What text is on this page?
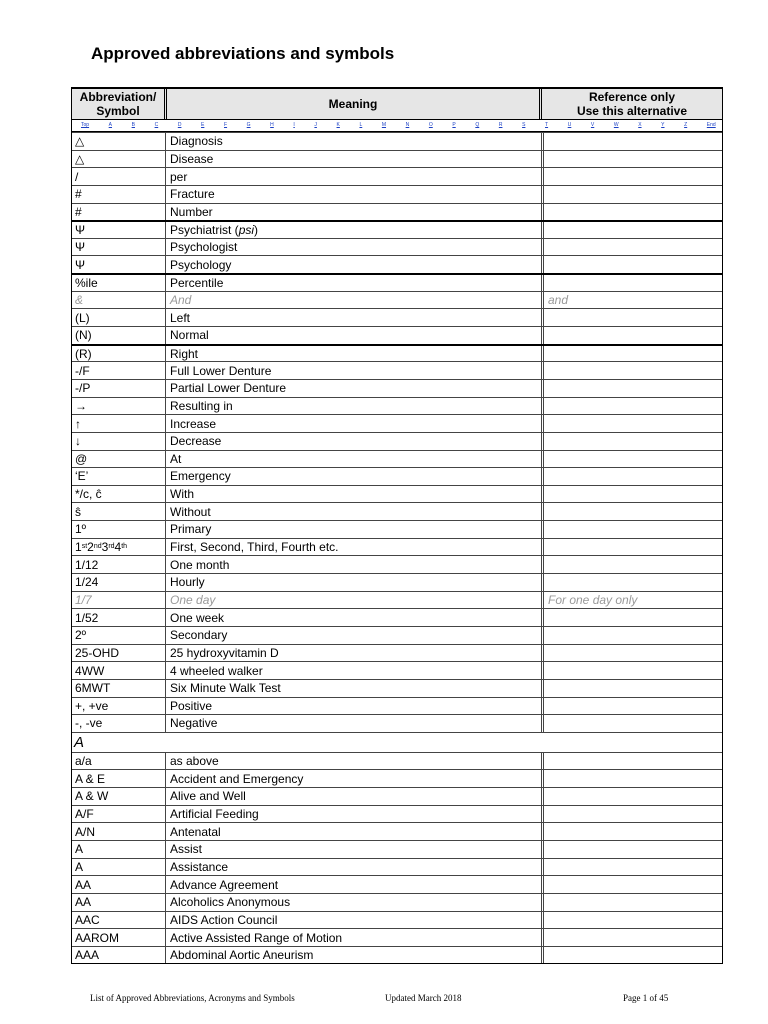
Approved abbreviations and symbols
Abbreviation/
Symbol	Meaning	Reference only
Use this alternative
Top	A	B	C	D	E	F	G	H	I	J	K	L	M	N	O	P	Q	R	S	T	U	V	W	X	Y	Z	End
△	Diagnosis
△	Disease
/	per
#	Fracture
#	Number
Ψ	Psychiatrist ( psi )
Ψ	Psychologist
Ψ	Psychology
%ile	Percentile
&	And	and
(L)	Left
(N)	Normal
(R)	Right
-/F	Full Lower Denture
-/P	Partial Lower Denture
→	Resulting in
↑	Increase
↓	Decrease
@	At
‘E’	Emergency
*/c, ĉ	With
ŝ	Without
1º	Primary
1 st 2 nd 3 rd 4 th	First, Second, Third, Fourth etc.
1/12	One month
1/24	Hourly
1/7	One day	For one day only
1/52	One week
2º	Secondary
25-OHD	25 hydroxyvitamin D
4WW	4 wheeled walker
6MWT	Six Minute Walk Test
+, +ve	Positive
-, -ve	Negative
A
a/a	as above
A & E	Accident and Emergency
A & W	Alive and Well
A/F	Artificial Feeding
A/N	Antenatal
A	Assist
A	Assistance
AA	Advance Agreement
AA	Alcoholics Anonymous
AAC	AIDS Action Council
AAROM	Active Assisted Range of Motion
AAA	Abdominal Aortic Aneurism
List of Approved Abbreviations, Acronyms and Symbols	Updated March 2018	Page 1 of 45
